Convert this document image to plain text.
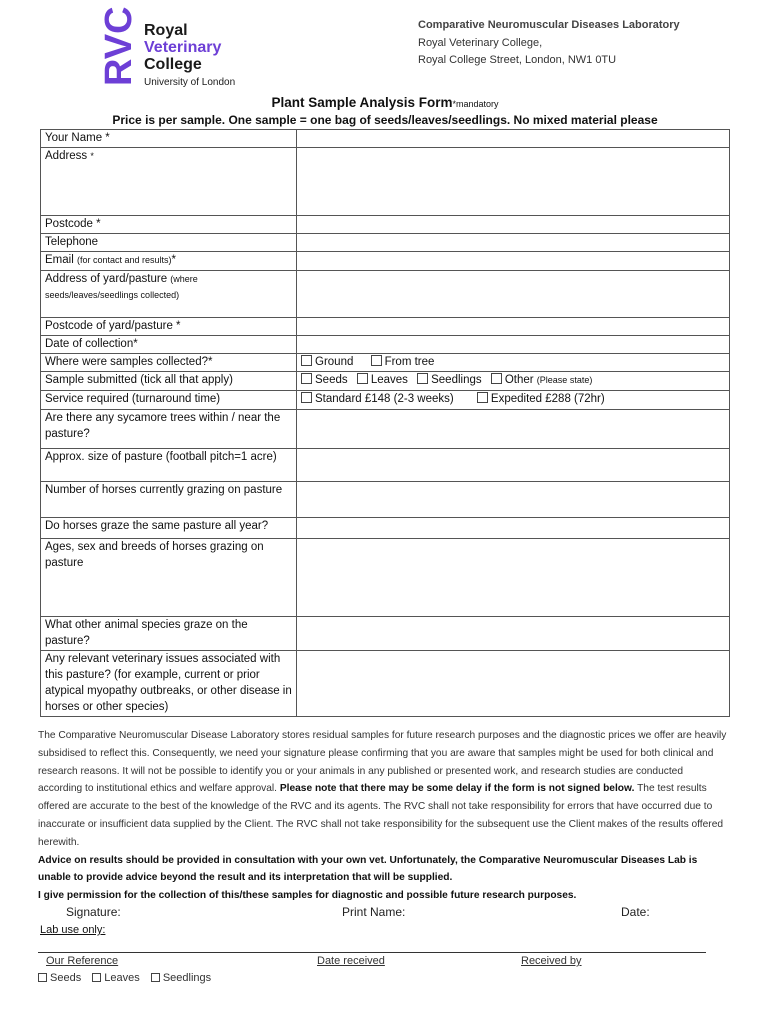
RVC Royal
Veterinary
College
University of London
Comparative Neuromuscular Diseases Laboratory
Royal Veterinary College,
Royal College Street, London, NW1 0TU
Plant Sample Analysis Form*mandatory
Price is per sample. One sample = one bag of seeds/leaves/seedlings. No mixed material please
Your Name *	
Address *	
Postcode *	
Telephone	
Email (for contact and results)*	
Address of yard/pasture (where seeds/leaves/seedlings collected)	
Postcode of yard/pasture *	
Date of collection*	
Where were samples collected?*	Ground From tree
Sample submitted (tick all that apply)	Seeds Leaves Seedlings Other (Please state)
Service required (turnaround time)	Standard £148 (2-3 weeks) Expedited £288 (72hr)
Are there any sycamore trees within / near the pasture?	
Approx. size of pasture (football pitch=1 acre)	
Number of horses currently grazing on pasture	
Do horses graze the same pasture all year?	
Ages, sex and breeds of horses grazing on pasture	
What other animal species graze on the pasture?	
Any relevant veterinary issues associated with this pasture? (for example, current or prior atypical myopathy outbreaks, or other disease in horses or other species)	

The Comparative Neuromuscular Disease Laboratory stores residual samples for future research purposes and the diagnostic prices we offer are heavily subsidised to reflect this. Consequently, we need your signature please confirming that you are aware that samples might be used for both clinical and research reasons. It will not be possible to identify you or your animals in any published or presented work, and research studies are conducted according to institutional ethics and welfare approval. Please note that there may be some delay if the form is not signed below. The test results offered are accurate to the best of the knowledge of the RVC and its agents. The RVC shall not take responsibility for errors that have occurred due to inaccurate or insufficient data supplied by the Client. The RVC shall not take responsibility for the subsequent use the Client makes of the results offered herewith.

Advice on results should be provided in consultation with your own vet. Unfortunately, the Comparative Neuromuscular Diseases Lab is unable to provide advice beyond the result and its interpretation that will be supplied.

I give permission for the collection of this/these samples for diagnostic and possible future research purposes.

Signature:	Print Name:	Date:
Lab use only:
Our Reference	Date received	Received by
Seeds Leaves Seedlings
